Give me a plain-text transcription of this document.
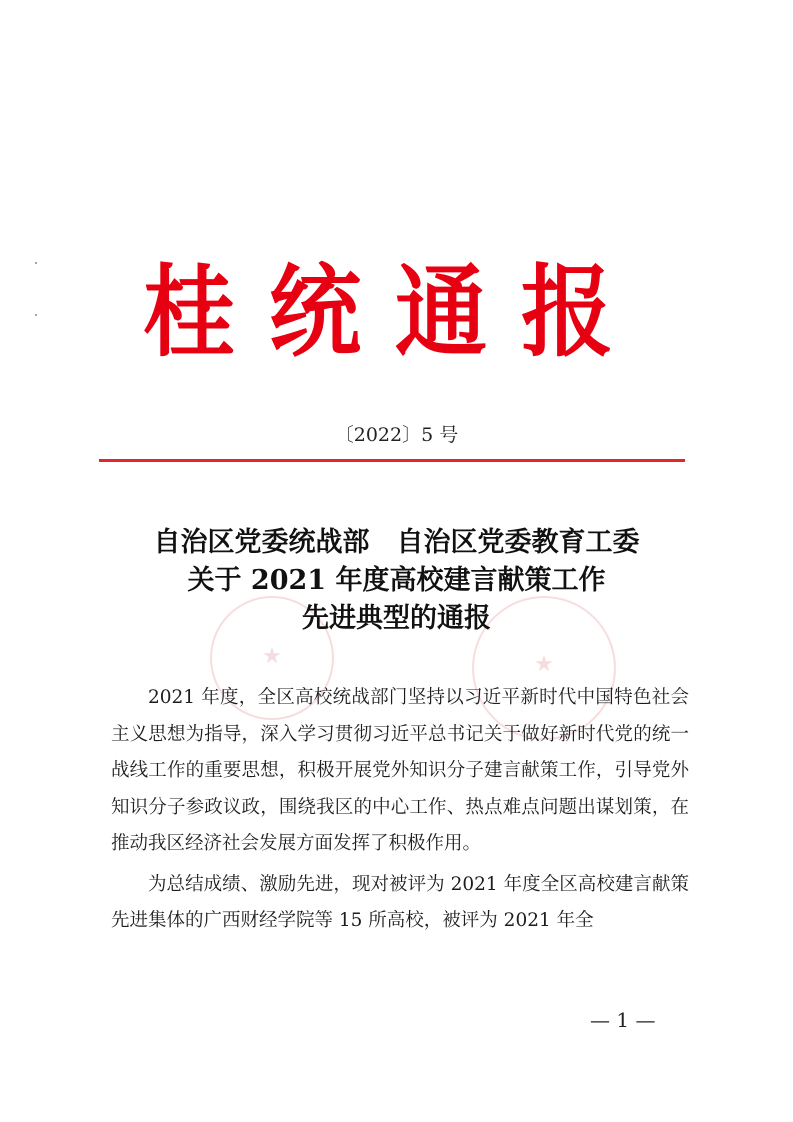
桂统通报
〔2022〕5 号
★	★
自治区党委统战部　自治区党委教育工委
关于 2021 年度高校建言献策工作
先进典型的通报

2021 年度，全区高校统战部门坚持以习近平新时代中国特色社会主义思想为指导，深入学习贯彻习近平总书记关于做好新时代党的统一战线工作的重要思想，积极开展党外知识分子建言献策工作，引导党外知识分子参政议政，围绕我区的中心工作、热点难点问题出谋划策，在推动我区经济社会发展方面发挥了积极作用。

为总结成绩、激励先进，现对被评为 2021 年度全区高校建言献策先进集体的广西财经学院等 15 所高校，被评为 2021 年全

— 1 —
